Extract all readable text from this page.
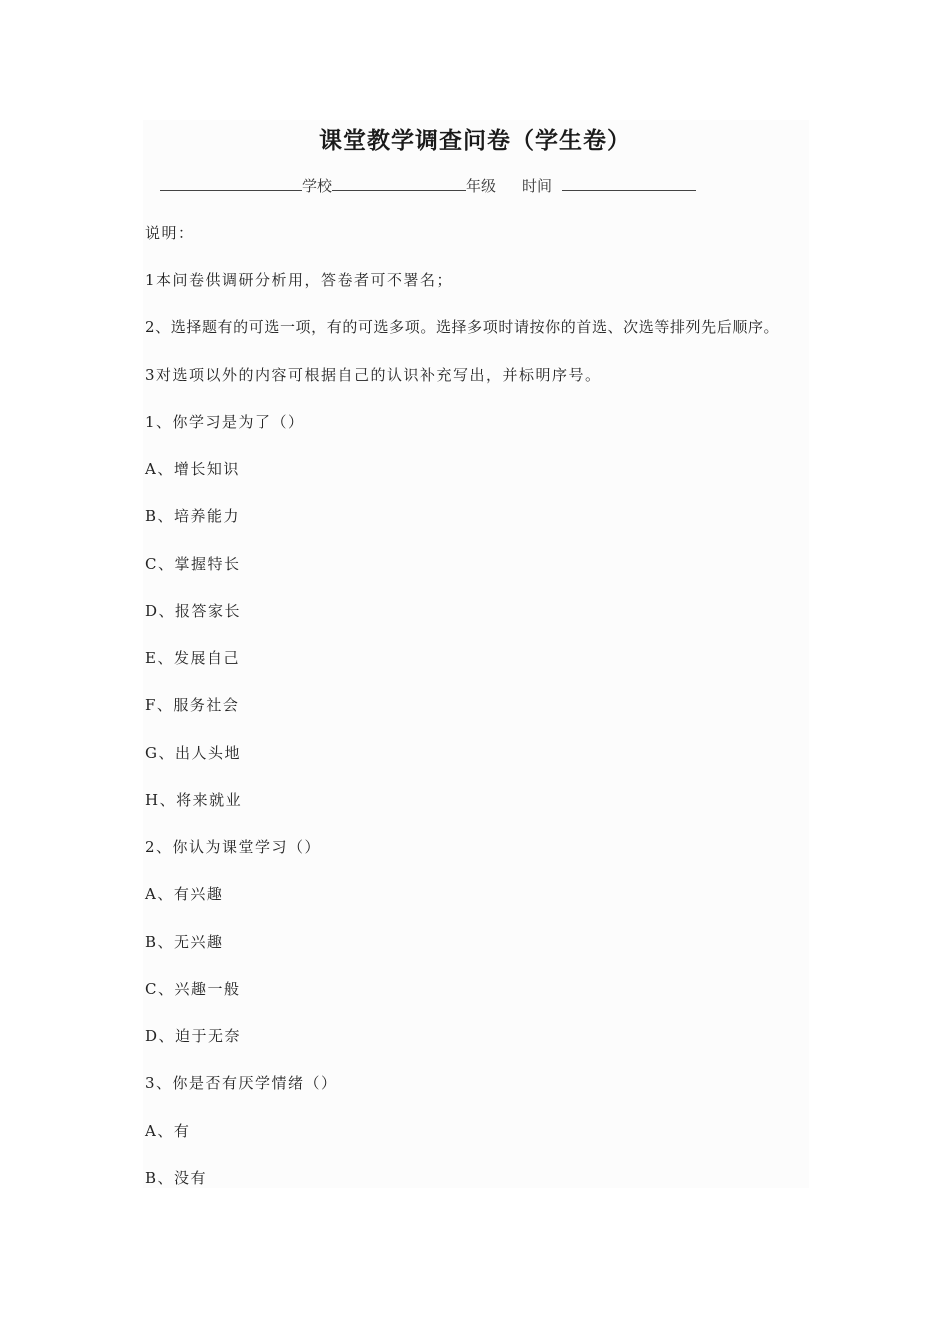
课堂教学调查问卷（学生卷）
学校	年级 时间
说明：
1本问卷供调研分析用，答卷者可不署名；
2、选择题有的可选一项，有的可选多项。选择多项时请按你的首选、次选等排列先后顺序。
3对选项以外的内容可根据自己的认识补充写出，并标明序号。
1、你学习是为了（）
A、增长知识
B、培养能力
C、掌握特长
D、报答家长
E、发展自己
F、服务社会
G、出人头地
H、将来就业
2、你认为课堂学习（）
A、有兴趣
B、无兴趣
C、兴趣一般
D、迫于无奈
3、你是否有厌学情绪（）
A、有
B、没有
